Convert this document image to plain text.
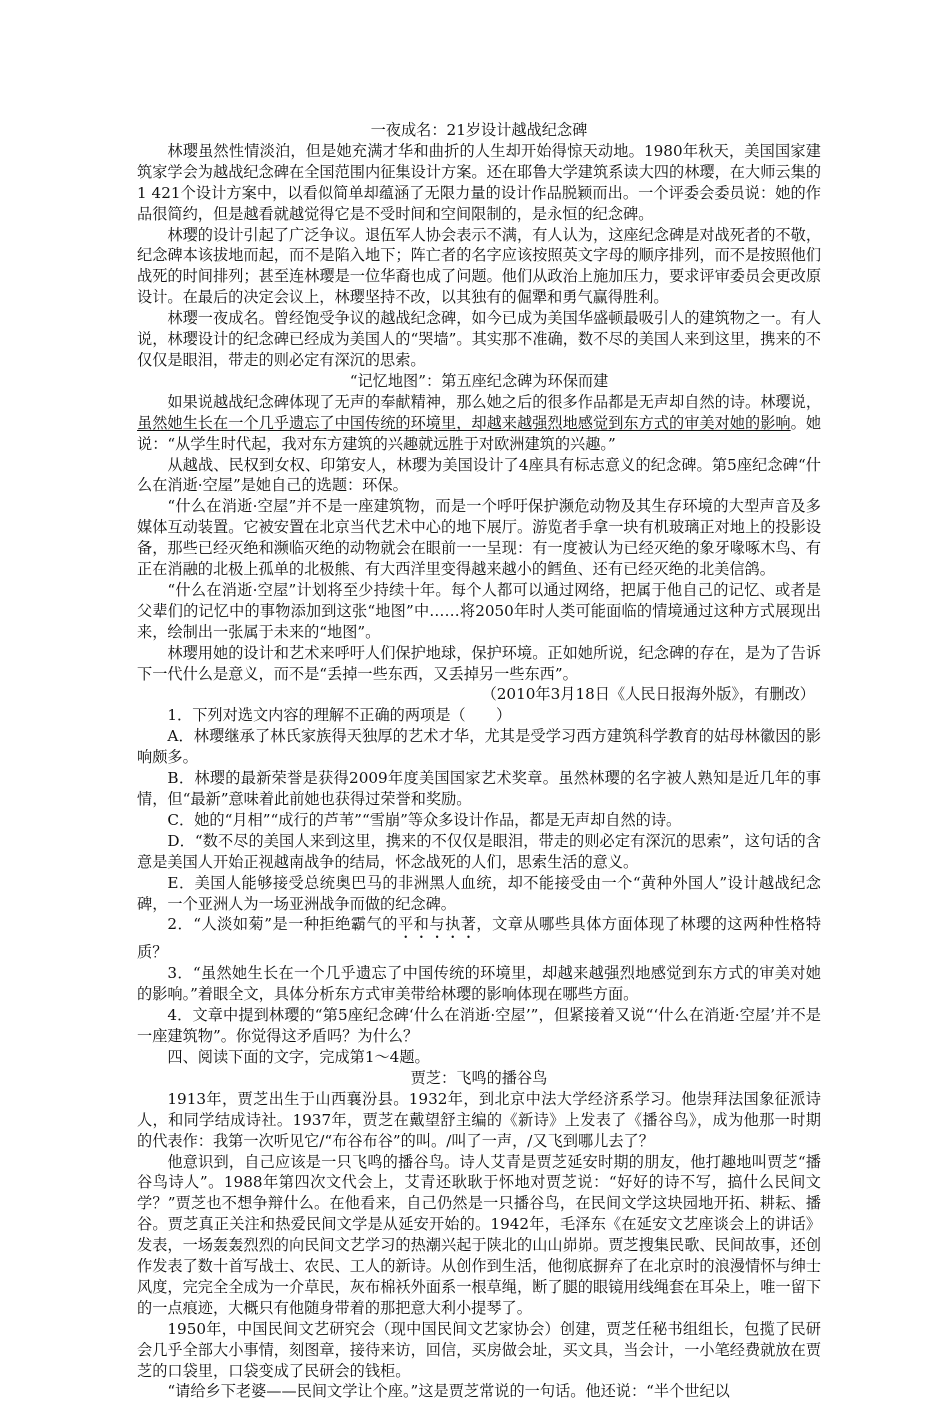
一夜成名：21岁设计越战纪念碑

林璎虽然性情淡泊，但是她充满才华和曲折的人生却开始得惊天动地。1980年秋天，美国国家建筑家学会为越战纪念碑在全国范围内征集设计方案。还在耶鲁大学建筑系读大四的林璎，在大师云集的1 421个设计方案中，以看似简单却蕴涵了无限力量的设计作品脱颖而出。一个评委会委员说：她的作品很简约，但是越看就越觉得它是不受时间和空间限制的，是永恒的纪念碑。

林璎的设计引起了广泛争议。退伍军人协会表示不满，有人认为，这座纪念碑是对战死者的不敬，纪念碑本该拔地而起，而不是陷入地下；阵亡者的名字应该按照英文字母的顺序排列，而不是按照他们战死的时间排列；甚至连林璎是一位华裔也成了问题。他们从政治上施加压力，要求评审委员会更改原设计。在最后的决定会议上，林璎坚持不改，以其独有的倔犟和勇气赢得胜利。

林璎一夜成名。曾经饱受争议的越战纪念碑，如今已成为美国华盛顿最吸引人的建筑物之一。有人说，林璎设计的纪念碑已经成为美国人的“哭墙”。其实那不准确，数不尽的美国人来到这里，携来的不仅仅是眼泪，带走的则必定有深沉的思索。

“记忆地图”：第五座纪念碑为环保而建

如果说越战纪念碑体现了无声的奉献精神，那么她之后的很多作品都是无声却自然的诗。林璎说，虽然她生长在一个几乎遗忘了中国传统的环境里，却越来越强烈地感觉到东方式的审美对她的影响。她说：“从学生时代起，我对东方建筑的兴趣就远胜于对欧洲建筑的兴趣。”

从越战、民权到女权、印第安人，林璎为美国设计了4座具有标志意义的纪念碑。第5座纪念碑“什么在消逝·空屋”是她自己的选题：环保。

“什么在消逝·空屋”并不是一座建筑物，而是一个呼吁保护濒危动物及其生存环境的大型声音及多媒体互动装置。它被安置在北京当代艺术中心的地下展厅。游览者手拿一块有机玻璃正对地上的投影设备，那些已经灭绝和濒临灭绝的动物就会在眼前一一呈现：有一度被认为已经灭绝的象牙喙啄木鸟、有正在消融的北极上孤单的北极熊、有大西洋里变得越来越小的鳕鱼、还有已经灭绝的北美信鸽。

“什么在消逝·空屋”计划将至少持续十年。每个人都可以通过网络，把属于他自己的记忆、或者是父辈们的记忆中的事物添加到这张“地图”中……将2050年时人类可能面临的情境通过这种方式展现出来，绘制出一张属于未来的“地图”。

林璎用她的设计和艺术来呼吁人们保护地球，保护环境。正如她所说，纪念碑的存在，是为了告诉下一代什么是意义，而不是“丢掉一些东西，又丢掉另一些东西”。

（2010年3月18日《人民日报海外版》，有删改）

1．下列对选文内容的理解不正确的两项是（　　）

A．林璎继承了林氏家族得天独厚的艺术才华，尤其是受学习西方建筑科学教育的姑母林徽因的影响颇多。

B．林璎的最新荣誉是获得2009年度美国国家艺术奖章。虽然林璎的名字被人熟知是近几年的事情，但“最新”意味着此前她也获得过荣誉和奖励。

C．她的“月相”“成行的芦苇”“雪崩”等众多设计作品，都是无声却自然的诗。

D．“数不尽的美国人来到这里，携来的不仅仅是眼泪，带走的则必定有深沉的思索”，这句话的含意是美国人开始正视越南战争的结局，怀念战死的人们，思索生活的意义。

E．美国人能够接受总统奥巴马的非洲黑人血统，却不能接受由一个“黄种外国人”设计越战纪念碑，一个亚洲人为一场亚洲战争而做的纪念碑。

2．“人淡如菊”是一种拒绝霸气的平和与执著，文章从哪些具体方面体现了林璎的这两种性格特质？

3．“虽然她生长在一个几乎遗忘了中国传统的环境里，却越来越强烈地感觉到东方式的审美对她的影响。”着眼全文，具体分析东方式审美带给林璎的影响体现在哪些方面。

4．文章中提到林璎的“第5座纪念碑‘什么在消逝·空屋’”，但紧接着又说“‘什么在消逝·空屋’并不是一座建筑物”。你觉得这矛盾吗？为什么？

四、阅读下面的文字，完成第1～4题。

贾芝：飞鸣的播谷鸟

1913年，贾芝出生于山西襄汾县。1932年，到北京中法大学经济系学习。他崇拜法国象征派诗人，和同学结成诗社。1937年，贾芝在戴望舒主编的《新诗》上发表了《播谷鸟》，成为他那一时期的代表作：我第一次听见它/“布谷布谷”的叫。/叫了一声，/又飞到哪儿去了？

他意识到，自己应该是一只飞鸣的播谷鸟。诗人艾青是贾芝延安时期的朋友，他打趣地叫贾芝“播谷鸟诗人”。1988年第四次文代会上，艾青还耿耿于怀地对贾芝说：“好好的诗不写，搞什么民间文学？”贾芝也不想争辩什么。在他看来，自己仍然是一只播谷鸟，在民间文学这块园地开拓、耕耘、播谷。贾芝真正关注和热爱民间文学是从延安开始的。1942年，毛泽东《在延安文艺座谈会上的讲话》发表，一场轰轰烈烈的向民间文艺学习的热潮兴起于陕北的山山峁峁。贾芝搜集民歌、民间故事，还创作发表了数十首写战士、农民、工人的新诗。从创作到生活，他彻底摒弃了在北京时的浪漫情怀与绅士风度，完完全全成为一介草民，灰布棉袄外面系一根草绳，断了腿的眼镜用线绳套在耳朵上，唯一留下的一点痕迹，大概只有他随身带着的那把意大利小提琴了。

1950年，中国民间文艺研究会（现中国民间文艺家协会）创建，贾芝任秘书组组长，包揽了民研会几乎全部大小事情，刻图章，接待来访，回信，买房做会址，买文具，当会计，一小笔经费就放在贾芝的口袋里，口袋变成了民研会的钱柜。

“请给乡下老婆——民间文学让个座。”这是贾芝常说的一句话。他还说：“半个世纪以
